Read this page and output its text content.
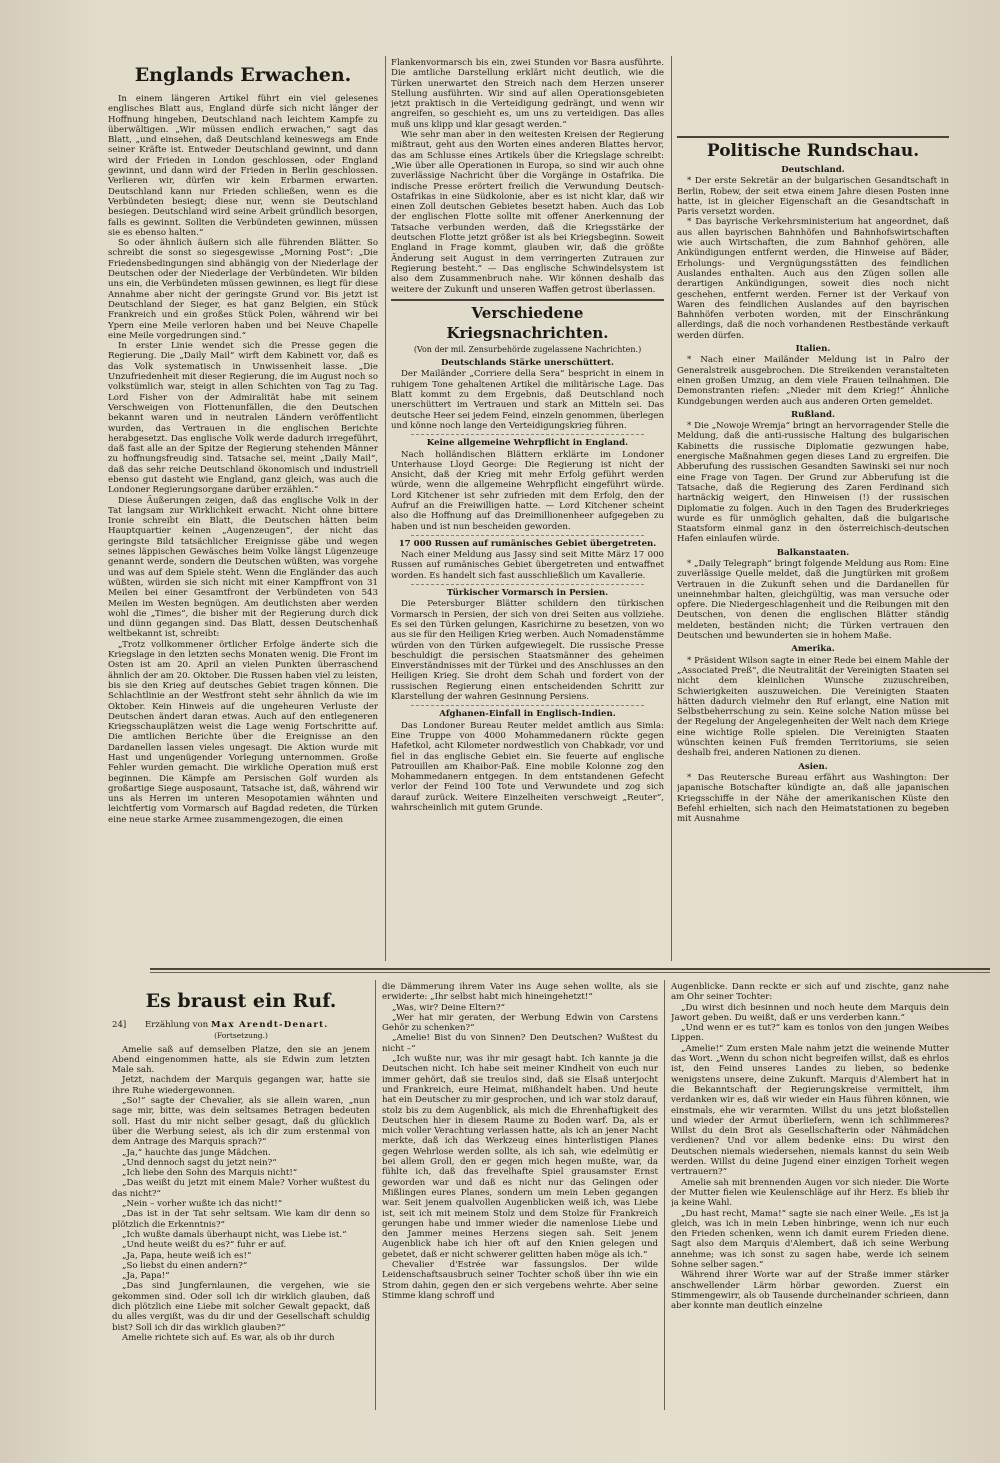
Englands Erwachen.

In einem längeren Artikel führt ein viel gelesenes englisches Blatt aus, England dürfe sich nicht länger der Hoffnung hingeben, Deutschland nach leichtem Kampfe zu überwältigen. „Wir müssen endlich erwachen,“ sagt das Blatt, „und einsehen, daß Deutschland keineswegs am Ende seiner Kräfte ist. Entweder Deutschland gewinnt, und dann wird der Frieden in London geschlossen, oder England gewinnt, und dann wird der Frieden in Berlin geschlossen. Verlieren wir, dürfen wir kein Erbarmen erwarten. Deutschland kann nur Frieden schließen, wenn es die Verbündeten besiegt; diese nur, wenn sie Deutschland besiegen. Deutschland wird seine Arbeit gründlich besorgen, falls es gewinnt. Sollten die Verbündeten gewinnen, müssen sie es ebenso halten.“

So oder ähnlich äußern sich alle führenden Blätter. So schreibt die sonst so siegesgewisse „Morning Post“: „Die Friedensbedingungen sind abhängig von der Niederlage der Deutschen oder der Niederlage der Verbündeten. Wir bilden uns ein, die Verbündeten müssen gewinnen, es liegt für diese Annahme aber nicht der geringste Grund vor. Bis jetzt ist Deutschland der Sieger, es hat ganz Belgien, ein Stück Frankreich und ein großes Stück Polen, während wir bei Ypern eine Meile verloren haben und bei Neuve Chapelle eine Meile vorgedrungen sind.“

In erster Linie wendet sich die Presse gegen die Regierung. Die „Daily Mail“ wirft dem Kabinett vor, daß es das Volk systematisch in Unwissenheit lasse. „Die Unzufriedenheit mit dieser Regierung, die im August noch so volkstümlich war, steigt in allen Schichten von Tag zu Tag. Lord Fisher von der Admiralität habe mit seinem Verschweigen von Flottenunfällen, die den Deutschen bekannt waren und in neutralen Ländern veröffentlicht wurden, das Vertrauen in die englischen Berichte herabgesetzt. Das englische Volk werde dadurch irregeführt, daß fast alle an der Spitze der Regierung stehenden Männer zu hoffnungsfreudig sind. Tatsache sei, meint „Daily Mail“, daß das sehr reiche Deutschland ökonomisch und industriell ebenso gut dasteht wie England, ganz gleich, was auch die Londoner Regierungsorgane darüber erzählen.“

Diese Äußerungen zeigen, daß das englische Volk in der Tat langsam zur Wirklichkeit erwacht. Nicht ohne bittere Ironie schreibt ein Blatt, die Deutschen hätten beim Hauptquartier keinen „Augenzeugen“, der nicht das geringste Bild tatsächlicher Ereignisse gäbe und wegen seines läppischen Gewäsches beim Volke längst Lügenzeuge genannt werde, sondern die Deutschen wüßten, was vorgehe und was auf dem Spiele steht. Wenn die Engländer das auch wüßten, würden sie sich nicht mit einer Kampffront von 31 Meilen bei einer Gesamtfront der Verbündeten von 543 Meilen im Westen begnügen. Am deutlichsten aber werden wohl die „Times“, die bisher mit der Regierung durch dick und dünn gegangen sind. Das Blatt, dessen Deutschenhaß weltbekannt ist, schreibt:

„Trotz vollkommener örtlicher Erfolge änderte sich die Kriegslage in den letzten sechs Monaten wenig. Die Front im Osten ist am 20. April an vielen Punkten überraschend ähnlich der am 20. Oktober. Die Russen haben viel zu leisten, bis sie den Krieg auf deutsches Gebiet tragen können. Die Schlachtlinie an der Westfront steht sehr ähnlich da wie im Oktober. Kein Hinweis auf die ungeheuren Verluste der Deutschen ändert daran etwas. Auch auf den entlegeneren Kriegsschauplätzen weist die Lage wenig Fortschritte auf. Die amtlichen Berichte über die Ereignisse an den Dardanellen lassen vieles ungesagt. Die Aktion wurde mit Hast und ungenügender Vorlegung unternommen. Große Fehler wurden gemacht. Die wirkliche Operation muß erst beginnen. Die Kämpfe am Persischen Golf wurden als großartige Siege ausposaunt, Tatsache ist, daß, während wir uns als Herren im unteren Mesopotamien wähnten und leichtfertig vom Vormarsch auf Bagdad redeten, die Türken eine neue starke Armee zusammengezogen, die einen

Flankenvormarsch bis ein, zwei Stunden vor Basra ausführte. Die amtliche Darstellung erklärt nicht deutlich, wie die Türken unerwartet den Streich nach dem Herzen unserer Stellung ausführten. Wir sind auf allen Operationsgebieten jetzt praktisch in die Verteidigung gedrängt, und wenn wir angreifen, so geschieht es, um uns zu verteidigen. Das alles muß uns klipp und klar gesagt werden.“

Wie sehr man aber in den weitesten Kreisen der Regierung mißtraut, geht aus den Worten eines anderen Blattes hervor, das am Schlusse eines Artikels über die Kriegslage schreibt: „Wie über alle Operationen in Europa, so sind wir auch ohne zuverlässige Nachricht über die Vorgänge in Ostafrika. Die indische Presse erörtert freilich die Verwundung Deutsch-Ostafrikas in eine Südkolonie, aber es ist nicht klar, daß wir einen Zoll deutschen Gebietes besetzt haben. Auch das Lob der englischen Flotte sollte mit offener Anerkennung der Tatsache verbunden werden, daß die Kriegsstärke der deutschen Flotte jetzt größer ist als bei Kriegsbeginn. Soweit England in Frage kommt, glauben wir, daß die größte Änderung seit August in dem verringerten Zutrauen zur Regierung besteht.“ — Das englische Schwindelsystem ist also dem Zusammenbruch nahe. Wir können deshalb das weitere der Zukunft und unseren Waffen getrost überlassen.

Verschiedene Kriegsnachrichten.
(Von der mil. Zensurbehörde zugelassene Nachrichten.)
Deutschlands Stärke unerschüttert.

Der Mailänder „Corriere della Sera“ bespricht in einem in ruhigem Tone gehaltenen Artikel die militärische Lage. Das Blatt kommt zu dem Ergebnis, daß Deutschland noch unerschüttert im Vertrauen und stark an Mitteln sei. Das deutsche Heer sei jedem Feind, einzeln genommen, überlegen und könne noch lange den Verteidigungskrieg führen.

Keine allgemeine Wehrpflicht in England.

Nach holländischen Blättern erklärte im Londoner Unterhause Lloyd George: Die Regierung ist nicht der Ansicht, daß der Krieg mit mehr Erfolg geführt werden würde, wenn die allgemeine Wehrpflicht eingeführt würde. Lord Kitchener ist sehr zufrieden mit dem Erfolg, den der Aufruf an die Freiwilligen hatte. — Lord Kitchener scheint also die Hoffnung auf das Dreimillionenheer aufgegeben zu haben und ist nun bescheiden geworden.

17 000 Russen auf rumänisches Gebiet übergetreten.

Nach einer Meldung aus Jassy sind seit Mitte März 17 000 Russen auf rumänisches Gebiet übergetreten und entwaffnet worden. Es handelt sich fast ausschließlich um Kavallerie.

Türkischer Vormarsch in Persien.

Die Petersburger Blätter schildern den türkischen Vormarsch in Persien, der sich von drei Seiten aus vollziehe. Es sei den Türken gelungen, Kasrichirne zu besetzen, von wo aus sie für den Heiligen Krieg werben. Auch Nomadenstämme würden von den Türken aufgewiegelt. Die russische Presse beschuldigt die persischen Staatsmänner des geheimen Einverständnisses mit der Türkei und des Anschlusses an den Heiligen Krieg. Sie droht dem Schah und fordert von der russischen Regierung einen entscheidenden Schritt zur Klarstellung der wahren Gesinnung Persiens.

Afghanen-Einfall in Englisch-Indien.

Das Londoner Bureau Reuter meldet amtlich aus Simla: Eine Truppe von 4000 Mohammedanern rückte gegen Hafetkol, acht Kilometer nordwestlich von Chabkadr, vor und fiel in das englische Gebiet ein. Sie feuerte auf englische Patrouillen am Khaibor-Paß. Eine mobile Kolonne zog den Mohammedanern entgegen. In dem entstandenen Gefecht verlor der Feind 100 Tote und Verwundete und zog sich darauf zurück. Weitere Einzelheiten verschweigt „Reuter“, wahrscheinlich mit gutem Grunde.

Politische Rundschau.
Deutschland.

* Der erste Sekretär an der bulgarischen Gesandtschaft in Berlin, Robew, der seit etwa einem Jahre diesen Posten inne hatte, ist in gleicher Eigenschaft an die Gesandtschaft in Paris versetzt worden.

* Das bayrische Verkehrsministerium hat angeordnet, daß aus allen bayrischen Bahnhöfen und Bahnhofswirtschaften wie auch Wirtschaften, die zum Bahnhof gehören, alle Ankündigungen entfernt werden, die Hinweise auf Bäder, Erholungs- und Vergnügungsstätten des feindlichen Auslandes enthalten. Auch aus den Zügen sollen alle derartigen Ankündigungen, soweit dies noch nicht geschehen, entfernt werden. Ferner ist der Verkauf von Waren des feindlichen Auslandes auf den bayrischen Bahnhöfen verboten worden, mit der Einschränkung allerdings, daß die noch vorhandenen Restbestände verkauft werden dürfen.

Italien.

* Nach einer Mailänder Meldung ist in Palro der Generalstreik ausgebrochen. Die Streikenden veranstalteten einen großen Umzug, an dem viele Frauen teilnahmen. Die Demonstranten riefen: „Nieder mit dem Krieg!“ Ähnliche Kundgebungen werden auch aus anderen Orten gemeldet.

Rußland.

* Die „Nowoje Wremja“ bringt an hervorragender Stelle die Meldung, daß die anti-russische Haltung des bulgarischen Kabinetts die russische Diplomatie gezwungen habe, energische Maßnahmen gegen dieses Land zu ergreifen. Die Abberufung des russischen Gesandten Sawinski sei nur noch eine Frage von Tagen. Der Grund zur Abberufung ist die Tatsache, daß die Regierung des Zaren Ferdinand sich hartnäckig weigert, den Hinweisen (!) der russischen Diplomatie zu folgen. Auch in den Tagen des Bruderkrieges wurde es für unmöglich gehalten, daß die bulgarische Staatsform einmal ganz in den österreichisch-deutschen Hafen einlaufen würde.

Balkanstaaten.

* „Daily Telegraph“ bringt folgende Meldung aus Rom: Eine zuverlässige Quelle meldet, daß die Jungtürken mit großem Vertrauen in die Zukunft sehen und die Dardanellen für uneinnehmbar halten, gleichgültig, was man versuche oder opfere. Die Niedergeschlagenheit und die Reibungen mit den Deutschen, von denen die englischen Blätter ständig meldeten, beständen nicht; die Türken vertrauen den Deutschen und bewunderten sie in hohem Maße.

Amerika.

* Präsident Wilson sagte in einer Rede bei einem Mahle der „Associated Preß“, die Neutralität der Vereinigten Staaten sei nicht dem kleinlichen Wunsche zuzuschreiben, Schwierigkeiten auszuweichen. Die Vereinigten Staaten hätten dadurch vielmehr den Ruf erlangt, eine Nation mit Selbstbeherrschung zu sein. Keine solche Nation müsse bei der Regelung der Angelegenheiten der Welt nach dem Kriege eine wichtige Rolle spielen. Die Vereinigten Staaten wünschten keinen Fuß fremden Territoriums, sie seien deshalb frei, anderen Nationen zu dienen.

Asien.

* Das Reutersche Bureau erfährt aus Washington: Der japanische Botschafter kündigte an, daß alle japanischen Kriegsschiffe in der Nähe der amerikanischen Küste den Befehl erhielten, sich nach den Heimatstationen zu begeben mit Ausnahme

Es braust ein Ruf.
24] Erzählung von Max Arendt-Denart.
(Fortsetzung.)

Amelie saß auf demselben Platze, den sie an jenem Abend eingenommen hatte, als sie Edwin zum letzten Male sah.

Jetzt, nachdem der Marquis gegangen war, hatte sie ihre Ruhe wiedergewonnen.

„So!“ sagte der Chevalier, als sie allein waren, „nun sage mir, bitte, was dein seltsames Betragen bedeuten soll. Hast du mir nicht selber gesagt, daß du glücklich über die Werbung seiest, als ich dir zum erstenmal von dem Antrage des Marquis sprach?“

„Ja,“ hauchte das junge Mädchen.

„Und dennoch sagst du jetzt nein?“

„Ich liebe den Sohn des Marquis nicht!“

„Das weißt du jetzt mit einem Male? Vorher wußtest du das nicht?“

„Nein – vorher wußte ich das nicht!“

„Das ist in der Tat sehr seltsam. Wie kam dir denn so plötzlich die Erkenntnis?“

„Ich wußte damals überhaupt nicht, was Liebe ist.“

„Und heute weißt du es?“ fuhr er auf.

„Ja, Papa, heute weiß ich es!“

„So liebst du einen andern?“

„Ja, Papa!“

„Das sind Jungfernlaunen, die vergehen, wie sie gekommen sind. Oder soll ich dir wirklich glauben, daß dich plötzlich eine Liebe mit solcher Gewalt gepackt, daß du alles vergißt, was du dir und der Gesellschaft schuldig bist? Soll ich dir das wirklich glauben?“

Amelie richtete sich auf. Es war, als ob ihr durch

die Dämmerung ihrem Vater ins Auge sehen wollte, als sie erwiderte: „Ihr selbst habt mich hineingehetzt!“

„Was, wir? Deine Eltern?“

„Wer hat mir geraten, der Werbung Edwin von Carstens Gehör zu schenken?“

„Amelie! Bist du von Sinnen? Den Deutschen? Wußtest du nicht –“

„Ich wußte nur, was ihr mir gesagt habt. Ich kannte ja die Deutschen nicht. Ich habe seit meiner Kindheit von euch nur immer gehört, daß sie treulos sind, daß sie Elsaß unterjocht und Frankreich, eure Heimat, mißhandelt haben. Und heute hat ein Deutscher zu mir gesprochen, und ich war stolz darauf, stolz bis zu dem Augenblick, als mich die Ehrenhaftigkeit des Deutschen hier in diesem Raume zu Boden warf. Da, als er mich voller Verachtung verlassen hatte, als ich an jener Nacht merkte, daß ich das Werkzeug eines hinterlistigen Planes gegen Wehrlose werden sollte, als ich sah, wie edelmütig er bei allem Groll, den er gegen mich hegen mußte, war, da fühlte ich, daß das frevelhafte Spiel grausamster Ernst geworden war und daß es nicht nur das Gelingen oder Mißlingen eures Planes, sondern um mein Leben gegangen war. Seit jenem qualvollen Augenblicken weiß ich, was Liebe ist, seit ich mit meinem Stolz und dem Stolze für Frankreich gerungen habe und immer wieder die namenlose Liebe und den Jammer meines Herzens siegen sah. Seit jenem Augenblick habe ich hier oft auf den Knien gelegen und gebetet, daß er nicht schwerer gelitten haben möge als ich.“

Chevalier d'Estrée war fassungslos. Der wilde Leidenschaftsausbruch seiner Tochter schoß über ihn wie ein Strom dahin, gegen den er sich vergebens wehrte. Aber seine Stimme klang schroff und

Augenblicke. Dann reckte er sich auf und zischte, ganz nahe am Ohr seiner Tochter:

„Du wirst dich besinnen und noch heute dem Marquis dein Jawort geben. Du weißt, daß er uns verderben kann.“

„Und wenn er es tut?“ kam es tonlos von den jungen Weibes Lippen.

„Amelie!“ Zum ersten Male nahm jetzt die weinende Mutter das Wort. „Wenn du schon nicht begreifen willst, daß es ehrlos ist, den Feind unseres Landes zu lieben, so bedenke wenigstens unsere, deine Zukunft. Marquis d'Alembert hat in die Bekanntschaft der Regierungskreise vermittelt, ihm verdanken wir es, daß wir wieder ein Haus führen können, wie einstmals, ehe wir verarmten. Willst du uns jetzt bloßstellen und wieder der Armut überliefern, wenn ich schlimmeres? Willst du dein Brot als Gesellschafterin oder Nähmädchen verdienen? Und vor allem bedenke eins: Du wirst den Deutschen niemals wiedersehen, niemals kannst du sein Weib werden. Willst du deine Jugend einer einzigen Torheit wegen vertrauern?“

Amelie sah mit brennenden Augen vor sich nieder. Die Worte der Mutter fielen wie Keulenschläge auf ihr Herz. Es blieb ihr ja keine Wahl.

„Du hast recht, Mama!“ sagte sie nach einer Weile. „Es ist ja gleich, was ich in mein Leben hinbringe, wenn ich nur euch den Frieden schenken, wenn ich damit eurem Frieden diene. Sagt also dem Marquis d'Alembert, daß ich seine Werbung annehme; was ich sonst zu sagen habe, werde ich seinem Sohne selber sagen.“

Während ihrer Worte war auf der Straße immer stärker anschwellender Lärm hörbar geworden. Zuerst ein Stimmengewirr, als ob Tausende durcheinander schrieen, dann aber konnte man deutlich einzelne
